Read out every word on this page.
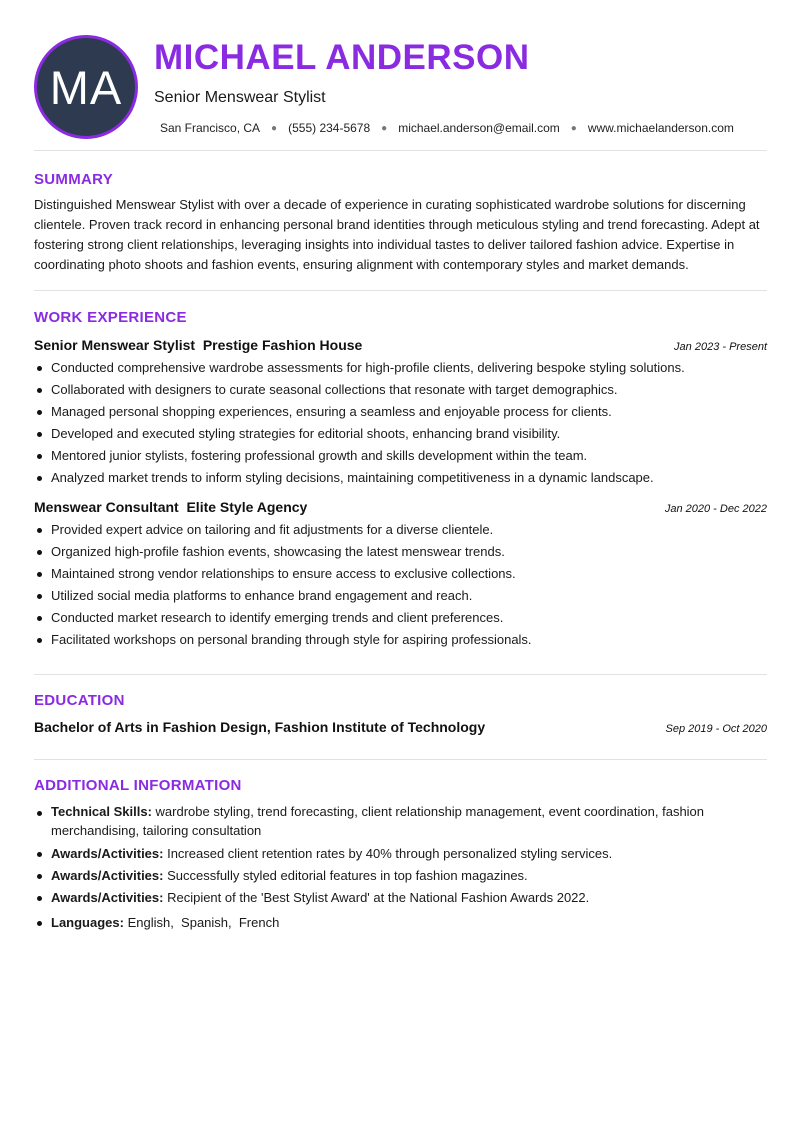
MA
MICHAEL ANDERSON
Senior Menswear Stylist
San Francisco, CA ● (555) 234-5678 ● michael.anderson@email.com ● www.michaelanderson.com
SUMMARY
Distinguished Menswear Stylist with over a decade of experience in curating sophisticated wardrobe solutions for discerning clientele. Proven track record in enhancing personal brand identities through meticulous styling and trend forecasting. Adept at fostering strong client relationships, leveraging insights into individual tastes to deliver tailored fashion advice. Expertise in coordinating photo shoots and fashion events, ensuring alignment with contemporary styles and market demands.
WORK EXPERIENCE
Senior Menswear Stylist  Prestige Fashion House	Jan 2023 - Present
Conducted comprehensive wardrobe assessments for high-profile clients, delivering bespoke styling solutions.
Collaborated with designers to curate seasonal collections that resonate with target demographics.
Managed personal shopping experiences, ensuring a seamless and enjoyable process for clients.
Developed and executed styling strategies for editorial shoots, enhancing brand visibility.
Mentored junior stylists, fostering professional growth and skills development within the team.
Analyzed market trends to inform styling decisions, maintaining competitiveness in a dynamic landscape.
Menswear Consultant  Elite Style Agency	Jan 2020 - Dec 2022
Provided expert advice on tailoring and fit adjustments for a diverse clientele.
Organized high-profile fashion events, showcasing the latest menswear trends.
Maintained strong vendor relationships to ensure access to exclusive collections.
Utilized social media platforms to enhance brand engagement and reach.
Conducted market research to identify emerging trends and client preferences.
Facilitated workshops on personal branding through style for aspiring professionals.
EDUCATION
Bachelor of Arts in Fashion Design, Fashion Institute of Technology	Sep 2019 - Oct 2020
ADDITIONAL INFORMATION
Technical Skills: wardrobe styling, trend forecasting, client relationship management, event coordination, fashion merchandising, tailoring consultation
Awards/Activities: Increased client retention rates by 40% through personalized styling services.
Awards/Activities: Successfully styled editorial features in top fashion magazines.
Awards/Activities: Recipient of the 'Best Stylist Award' at the National Fashion Awards 2022.
Languages: English,  Spanish,  French
